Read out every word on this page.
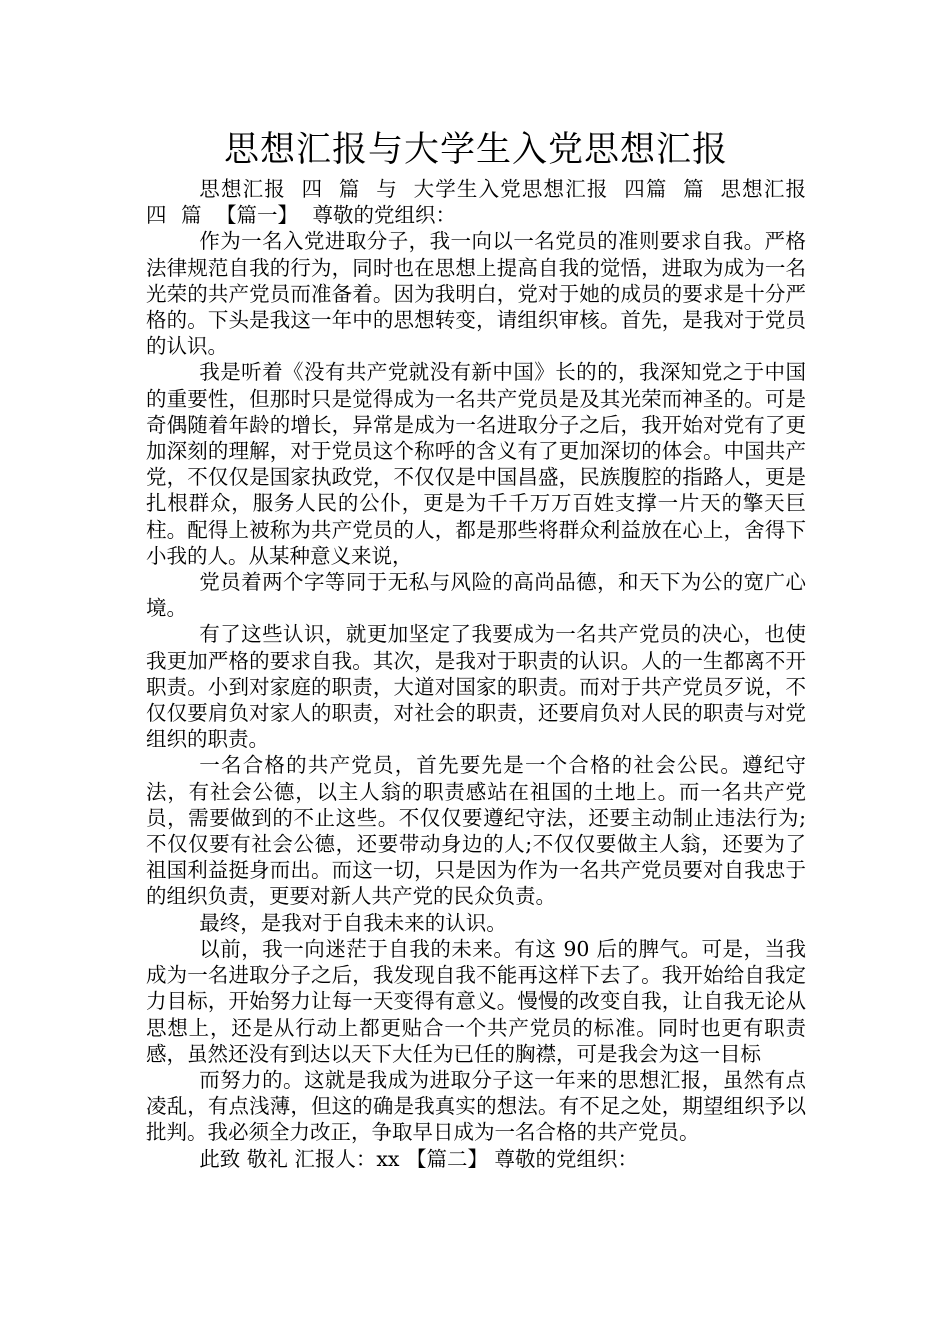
思想汇报与大学生入党思想汇报

思想汇报 四 篇 与 大学生入党思想汇报 四篇 篇 思想汇报 四 篇 【篇一】 尊敬的党组织：

作为一名入党进取分子，我一向以一名党员的准则要求自我。严格法律规范自我的行为，同时也在思想上提高自我的觉悟，进取为成为一名光荣的共产党员而准备着。因为我明白，党对于她的成员的要求是十分严格的。下头是我这一年中的思想转变，请组织审核。首先，是我对于党员的认识。

我是听着《没有共产党就没有新中国》长的的，我深知党之于中国的重要性，但那时只是觉得成为一名共产党员是及其光荣而神圣的。可是奇偶随着年龄的增长，异常是成为一名进取分子之后，我开始对党有了更加深刻的理解，对于党员这个称呼的含义有了更加深切的体会。中国共产党，不仅仅是国家执政党，不仅仅是中国昌盛，民族腹腔的指路人，更是扎根群众，服务人民的公仆，更是为千千万万百姓支撑一片天的擎天巨柱。配得上被称为共产党员的人，都是那些将群众利益放在心上，舍得下小我的人。从某种意义来说，

党员着两个字等同于无私与风险的高尚品德，和天下为公的宽广心境。

有了这些认识，就更加坚定了我要成为一名共产党员的决心，也使我更加严格的要求自我。其次，是我对于职责的认识。人的一生都离不开职责。小到对家庭的职责，大道对国家的职责。而对于共产党员歹说，不仅仅要肩负对家人的职责，对社会的职责，还要肩负对人民的职责与对党组织的职责。

一名合格的共产党员，首先要先是一个合格的社会公民。遵纪守法，有社会公德，以主人翁的职责感站在祖国的土地上。而一名共产党员，需要做到的不止这些。不仅仅要遵纪守法，还要主动制止违法行为;不仅仅要有社会公德，还要带动身边的人;不仅仅要做主人翁，还要为了祖国利益挺身而出。而这一切，只是因为作为一名共产党员要对自我忠于的组织负责，更要对新人共产党的民众负责。

最终，是我对于自我未来的认识。

以前，我一向迷茫于自我的未来。有这 90 后的脾气。可是，当我成为一名进取分子之后，我发现自我不能再这样下去了。我开始给自我定力目标，开始努力让每一天变得有意义。慢慢的改变自我，让自我无论从思想上，还是从行动上都更贴合一个共产党员的标准。同时也更有职责感，虽然还没有到达以天下大任为已任的胸襟，可是我会为这一目标

而努力的。这就是我成为进取分子这一年来的思想汇报，虽然有点凌乱，有点浅薄，但这的确是我真实的想法。有不足之处，期望组织予以批判。我必须全力改正，争取早日成为一名合格的共产党员。

此致 敬礼 汇报人：xx 【篇二】 尊敬的党组织：
